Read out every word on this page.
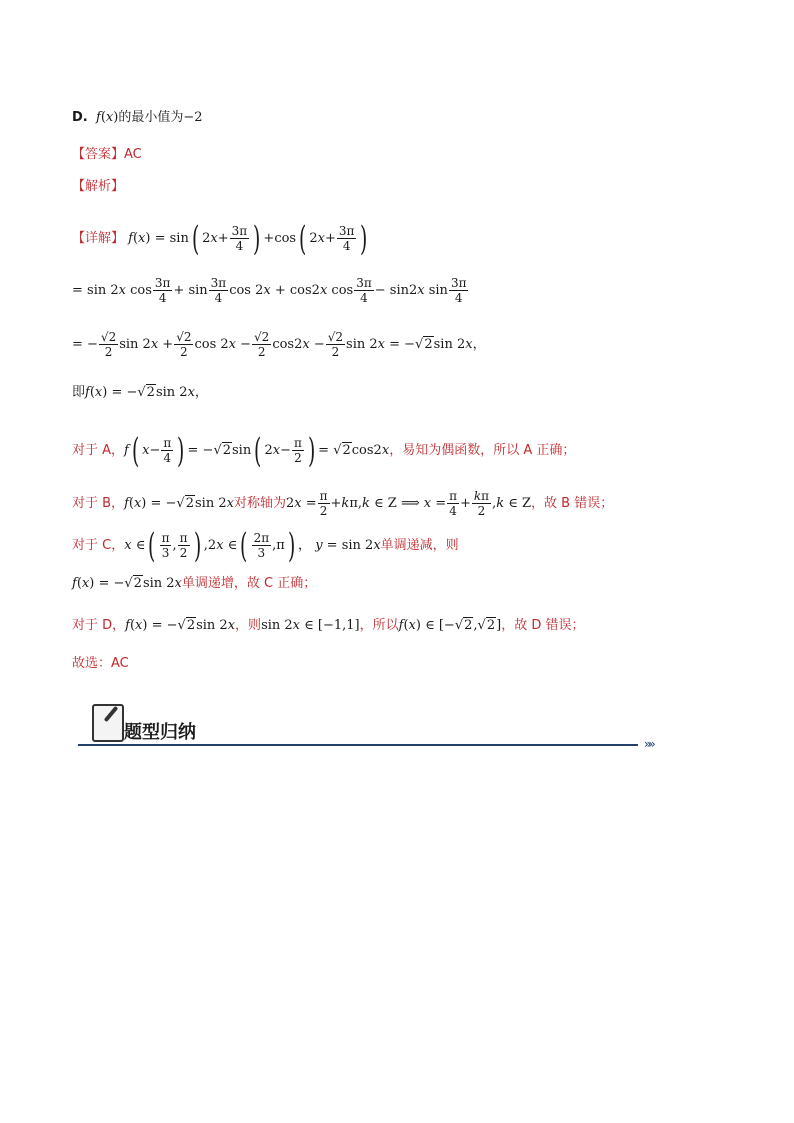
D.  f(x)的最小值为−2
【答案】AC
【解析】
【详解】 f(x) = sin( $2x+ \frac{3\pi}{4}$ ) +cos( $2x+ \frac{3\pi}{4}$ )
= sin 2x $\cos \frac{3\pi}{4} + \sin \frac{3\pi}{4}$ cos 2x + cos2x $\cos \frac{3\pi}{4} - \sin 2x$ $\sin \frac{3\pi}{4}$
= − $\frac{√2}{2}$ $\sin 2x + \frac{√2}{2}$ $\cos 2x - \frac{√2}{2} \cos 2x - \frac{√2}{2}$ sin 2x = −√2sin 2x，
即f(x) = −√2sin 2x，
对于 A，f( $x- \frac{\pi}{4}$ ) = −√2sin( $2x- \frac{\pi}{2}$ ) = √2cos2x，易知为偶函数，所以 A 正确；
对于 B，f(x) = −√2sin 2x对称轴为$2x = \frac{\pi}{2} +k\pi,k$ ∈ Z ⟹ $x = \frac{\pi}{4} + \frac{k\pi}{2} ,k$ ∈ Z，故 B 错误；
对于 C，x ∈( $\frac{\pi}{3}$ , $\frac{\pi}{2}$ ) ,2x ∈( $\frac{2\pi}{3} ,\pi$) ， y = sin 2x单调递减，则
f(x) = −√2sin 2x单调递增，故 C 正确；
对于 D，f(x) = −√2sin 2x，则sin 2x ∈ [−1,1]，所以f(x) ∈ [−√2,√2]，故 D 错误；
故选：AC
题型归纳
»»
